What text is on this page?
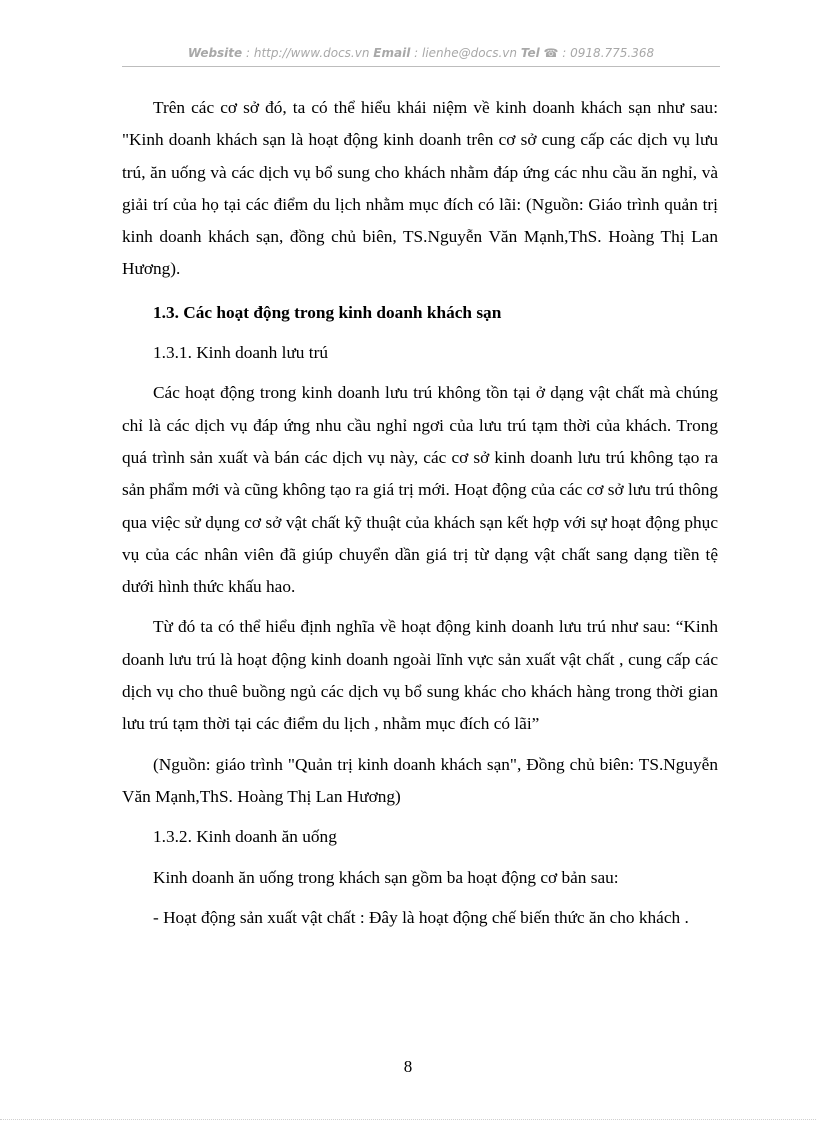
Website : http://www.docs.vn Email : lienhe@docs.vn Tel ☎ : 0918.775.368

Trên các cơ sở đó, ta có thể hiểu khái niệm về kinh doanh khách sạn như sau: "Kinh doanh khách sạn là hoạt động kinh doanh trên cơ sở cung cấp các dịch vụ lưu trú, ăn uống và các dịch vụ bổ sung cho khách nhằm đáp ứng các nhu cầu ăn nghỉ, và giải trí của họ tại các điểm du lịch nhằm mục đích có lãi: (Nguồn: Giáo trình quản trị kinh doanh khách sạn, đồng chủ biên, TS.Nguyễn Văn Mạnh,ThS. Hoàng Thị Lan Hương).

1.3. Các hoạt động trong kinh doanh khách sạn

1.3.1. Kinh doanh lưu trú

Các hoạt động trong kinh doanh lưu trú không tồn tại ở dạng vật chất mà chúng chỉ là các dịch vụ đáp ứng nhu cầu nghỉ ngơi của lưu trú tạm thời của khách. Trong quá trình sản xuất và bán các dịch vụ này, các cơ sở kinh doanh lưu trú không tạo ra sản phẩm mới và cũng không tạo ra giá trị mới. Hoạt động của các cơ sở lưu trú thông qua việc sử dụng cơ sở vật chất kỹ thuật của khách sạn kết hợp với sự hoạt động phục vụ của các nhân viên đã giúp chuyển dần giá trị từ dạng vật chất sang dạng tiền tệ dưới hình thức khấu hao.

Từ đó ta có thể hiểu định nghĩa về hoạt động kinh doanh lưu trú như sau: “Kinh doanh lưu trú là hoạt động kinh doanh ngoài lĩnh vực sản xuất vật chất , cung cấp các dịch vụ cho thuê buồng ngủ các dịch vụ bổ sung khác cho khách hàng trong thời gian lưu trú tạm thời tại các điểm du lịch , nhằm mục đích có lãi”

(Nguồn: giáo trình "Quản trị kinh doanh khách sạn", Đồng chủ biên: TS.Nguyễn Văn Mạnh,ThS. Hoàng Thị Lan Hương)

1.3.2. Kinh doanh ăn uống

Kinh doanh ăn uống trong khách sạn gồm ba hoạt động cơ bản sau:

- Hoạt động sản xuất vật chất : Đây là hoạt động chế biến thức ăn cho khách .

8
